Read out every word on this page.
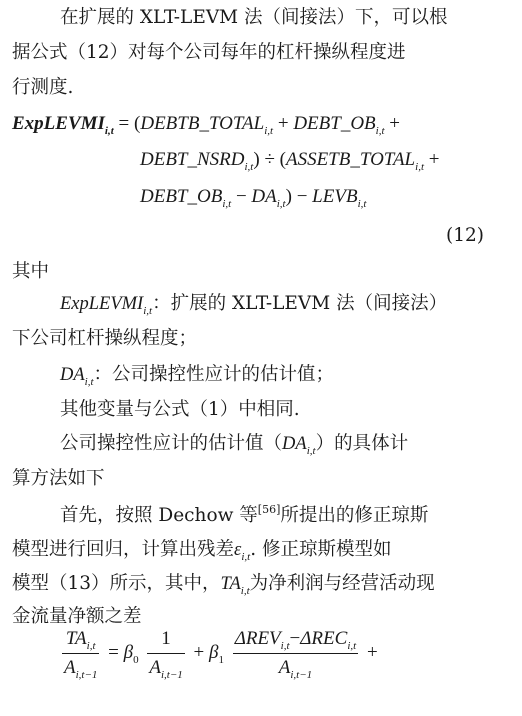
在扩展的 XLT-LEVM 法（间接法）下，可以根
据公式（12）对每个公司每年的杠杆操纵程度进
行测度.
ExpLEVMI$_{i,t}$ = ($DEBTB\_TOTAL_{i,t}$ + $DEBT\_OB_{i,t}$ +
$DEBT\_NSRD_{i,t}$) ÷ ($ASSETB\_TOTAL_{i,t}$ +
$DEBT\_OB_{i,t} - DA_{i,t}$) − $LEVB_{i,t}$
(12)
其中
ExpLEVMI$_{i,t}$：扩展的 XLT-LEVM 法（间接法）
下公司杠杆操纵程度；
$DA_{i,t}$：公司操控性应计的估计值；
其他变量与公式（1）中相同.
公司操控性应计的估计值$(DA_{i,t})$的具体计
算方法如下
首先，按照 Dechow 等[56]所提出的修正琼斯
模型进行回归，计算出残差$\varepsilon_{i,t}$. 修正琼斯模型如
模型（13）所示，其中，$TA_{i,t}$为净利润与经营活动现
金流量净额之差
$\frac{TA_{i,t}}{A_{i,t-1}} = \beta_0 \frac{1}{A_{i,t-1}} + \beta_1 \frac{\Delta REV_{i,t}-\Delta REC_{i,t}}{A_{i,t-1}}$ +
